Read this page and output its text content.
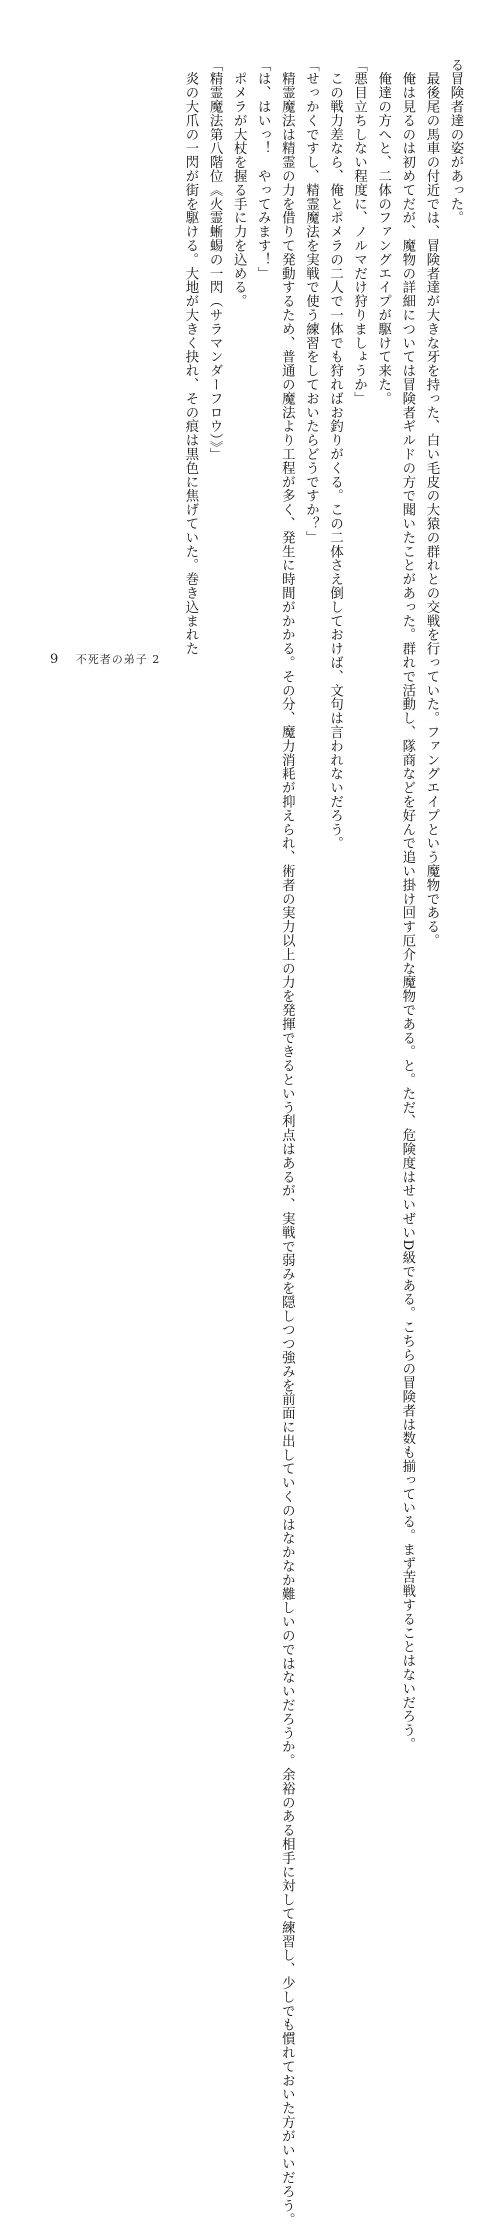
る冒険者達の姿があった。
　最後尾の馬車の付近では、冒険者達が大きな牙を持った、白い毛皮の大猿の群れとの交戦を行っていた。ファングエイプという魔物である。
　俺は見るのは初めてだが、魔物の詳細については冒険者ギルドの方で聞いたことがあった。群れで活動し、隊商などを好んで追い掛け回す厄介な魔物である。と。ただ、危険度はせいぜいD級である。こちらの冒険者は数も揃っている。まず苦戦することはないだろう。
　俺達の方へと、二体のファングエイプが駆けて来た。
「悪目立ちしない程度に、ノルマだけ狩りましょうか」
　この戦力差なら、俺とポメラの二人で一体でも狩ればお釣りがくる。この二体さえ倒しておけば、文句は言われないだろう。
「せっかくですし、精霊魔法を実戦で使う練習をしておいたらどうですか？」
　精霊魔法は精霊の力を借りて発動するため、普通の魔法より工程が多く、発生に時間がかかる。その分、魔力消耗が抑えられ、術者の実力以上の力を発揮できるという利点はあるが、実戦で弱みを隠しつつ強みを前面に出していくのはなかなか難しいのではないだろうか。余裕のある相手に対して練習し、少しでも慣れておいた方がいいだろう。
「は、はいっ！　やってみます！」
　ポメラが大杖を握る手に力を込める。
「精霊魔法第八階位《火霊蜥蜴の一閃（サラマンダーフロウ）》」
　炎の大爪の一閃が街を駆ける。大地が大きく抉れ、その痕は黒色に焦げていた。巻き込まれた
9 不死者の弟子 2
